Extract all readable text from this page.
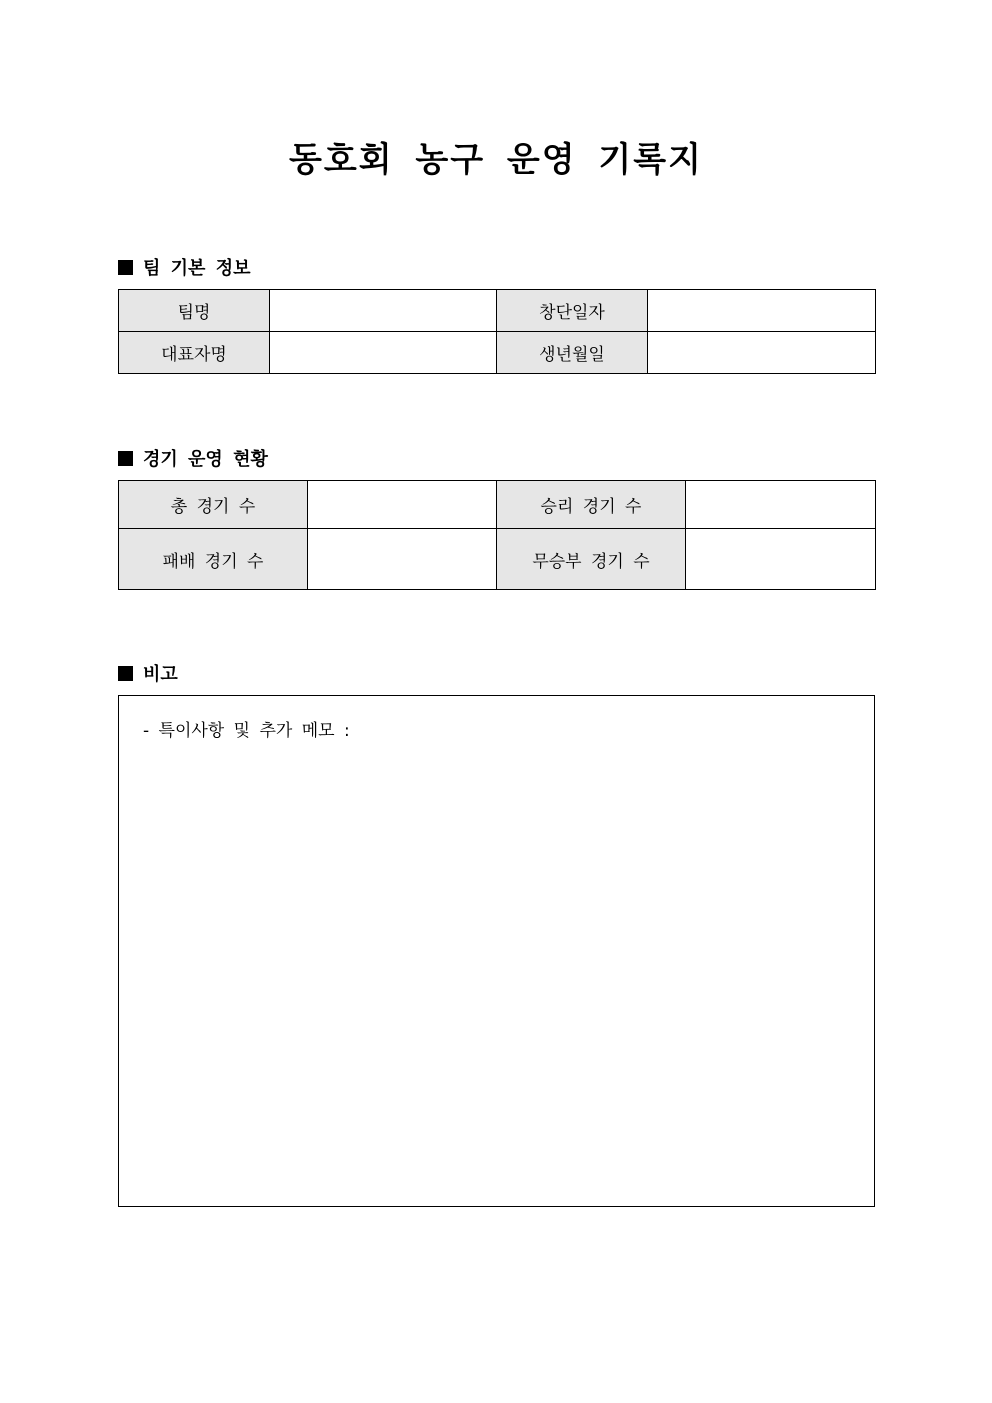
동호회 농구 운영 기록지
팀 기본 정보
팀명		창단일자	
대표자명		생년월일	
경기 운영 현황
총 경기 수		승리 경기 수	
패배 경기 수		무승부 경기 수	
비고
- 특이사항 및 추가 메모 :
